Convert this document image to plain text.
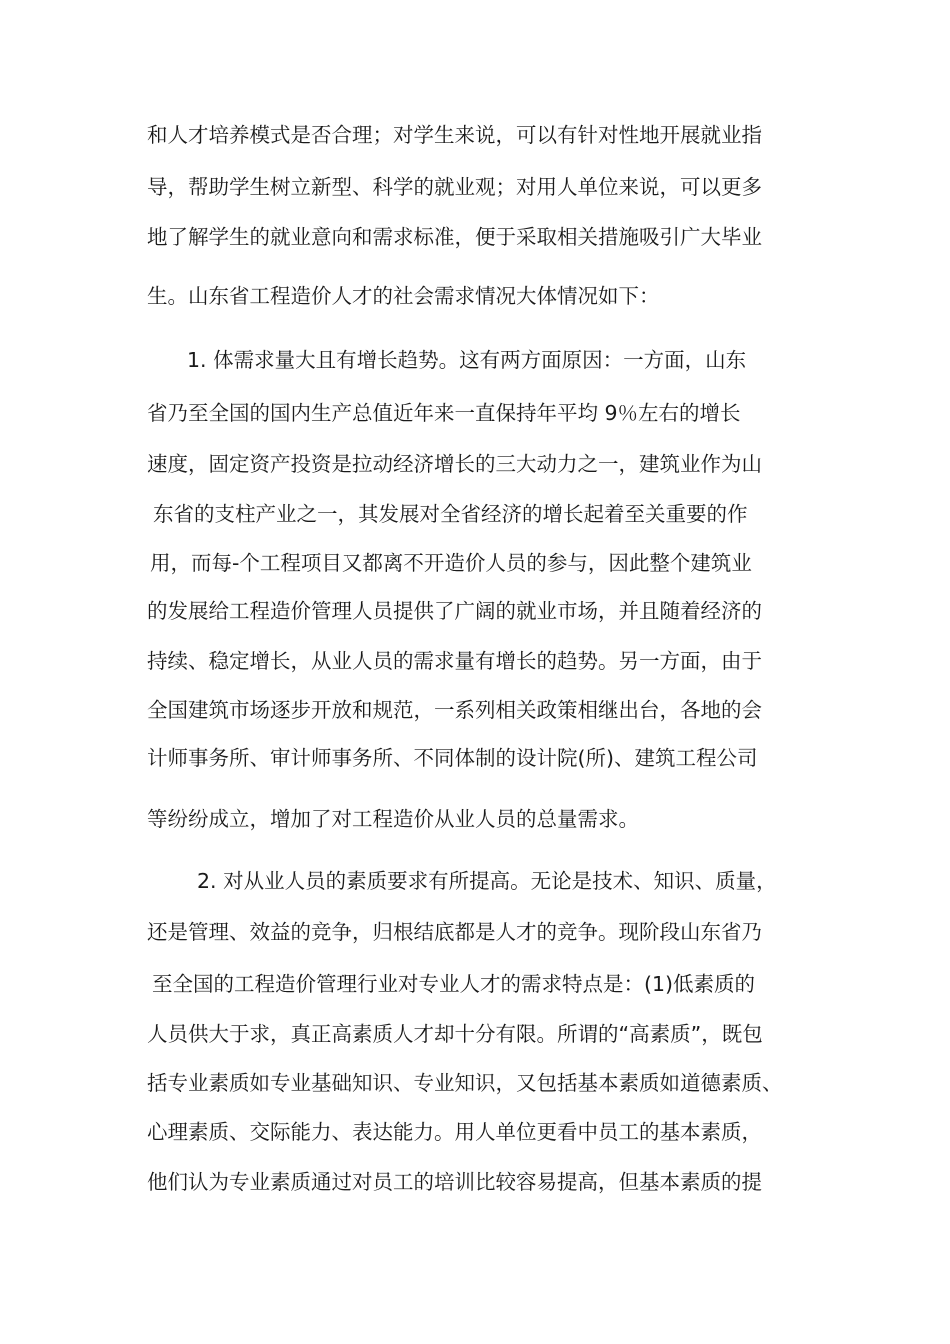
和人才培养模式是否合理；对学生来说，可以有针对性地开展就业指
导，帮助学生树立新型、科学的就业观；对用人单位来说，可以更多
地了解学生的就业意向和需求标准，便于采取相关措施吸引广大毕业
生。山东省工程造价人才的社会需求情况大体情况如下：
1. 体需求量大且有增长趋势。这有两方面原因：一方面，山东
省乃至全国的国内生产总值近年来一直保持年平均 9％左右的增长
速度，固定资产投资是拉动经济增长的三大动力之一，建筑业作为山
东省的支柱产业之一，其发展对全省经济的增长起着至关重要的作
用，而每-个工程项目又都离不开造价人员的参与，因此整个建筑业
的发展给工程造价管理人员提供了广阔的就业市场，并且随着经济的
持续、稳定增长，从业人员的需求量有增长的趋势。另一方面，由于
全国建筑市场逐步开放和规范，一系列相关政策相继出台，各地的会
计师事务所、审计师事务所、不同体制的设计院(所)、建筑工程公司
等纷纷成立，增加了对工程造价从业人员的总量需求。
2. 对从业人员的素质要求有所提高。无论是技术、知识、质量，
还是管理、效益的竞争，归根结底都是人才的竞争。现阶段山东省乃
至全国的工程造价管理行业对专业人才的需求特点是：(1)低素质的
人员供大于求，真正高素质人才却十分有限。所谓的“高素质”，既包
括专业素质如专业基础知识、专业知识，又包括基本素质如道德素质、
心理素质、交际能力、表达能力。用人单位更看中员工的基本素质，
他们认为专业素质通过对员工的培训比较容易提高，但基本素质的提
